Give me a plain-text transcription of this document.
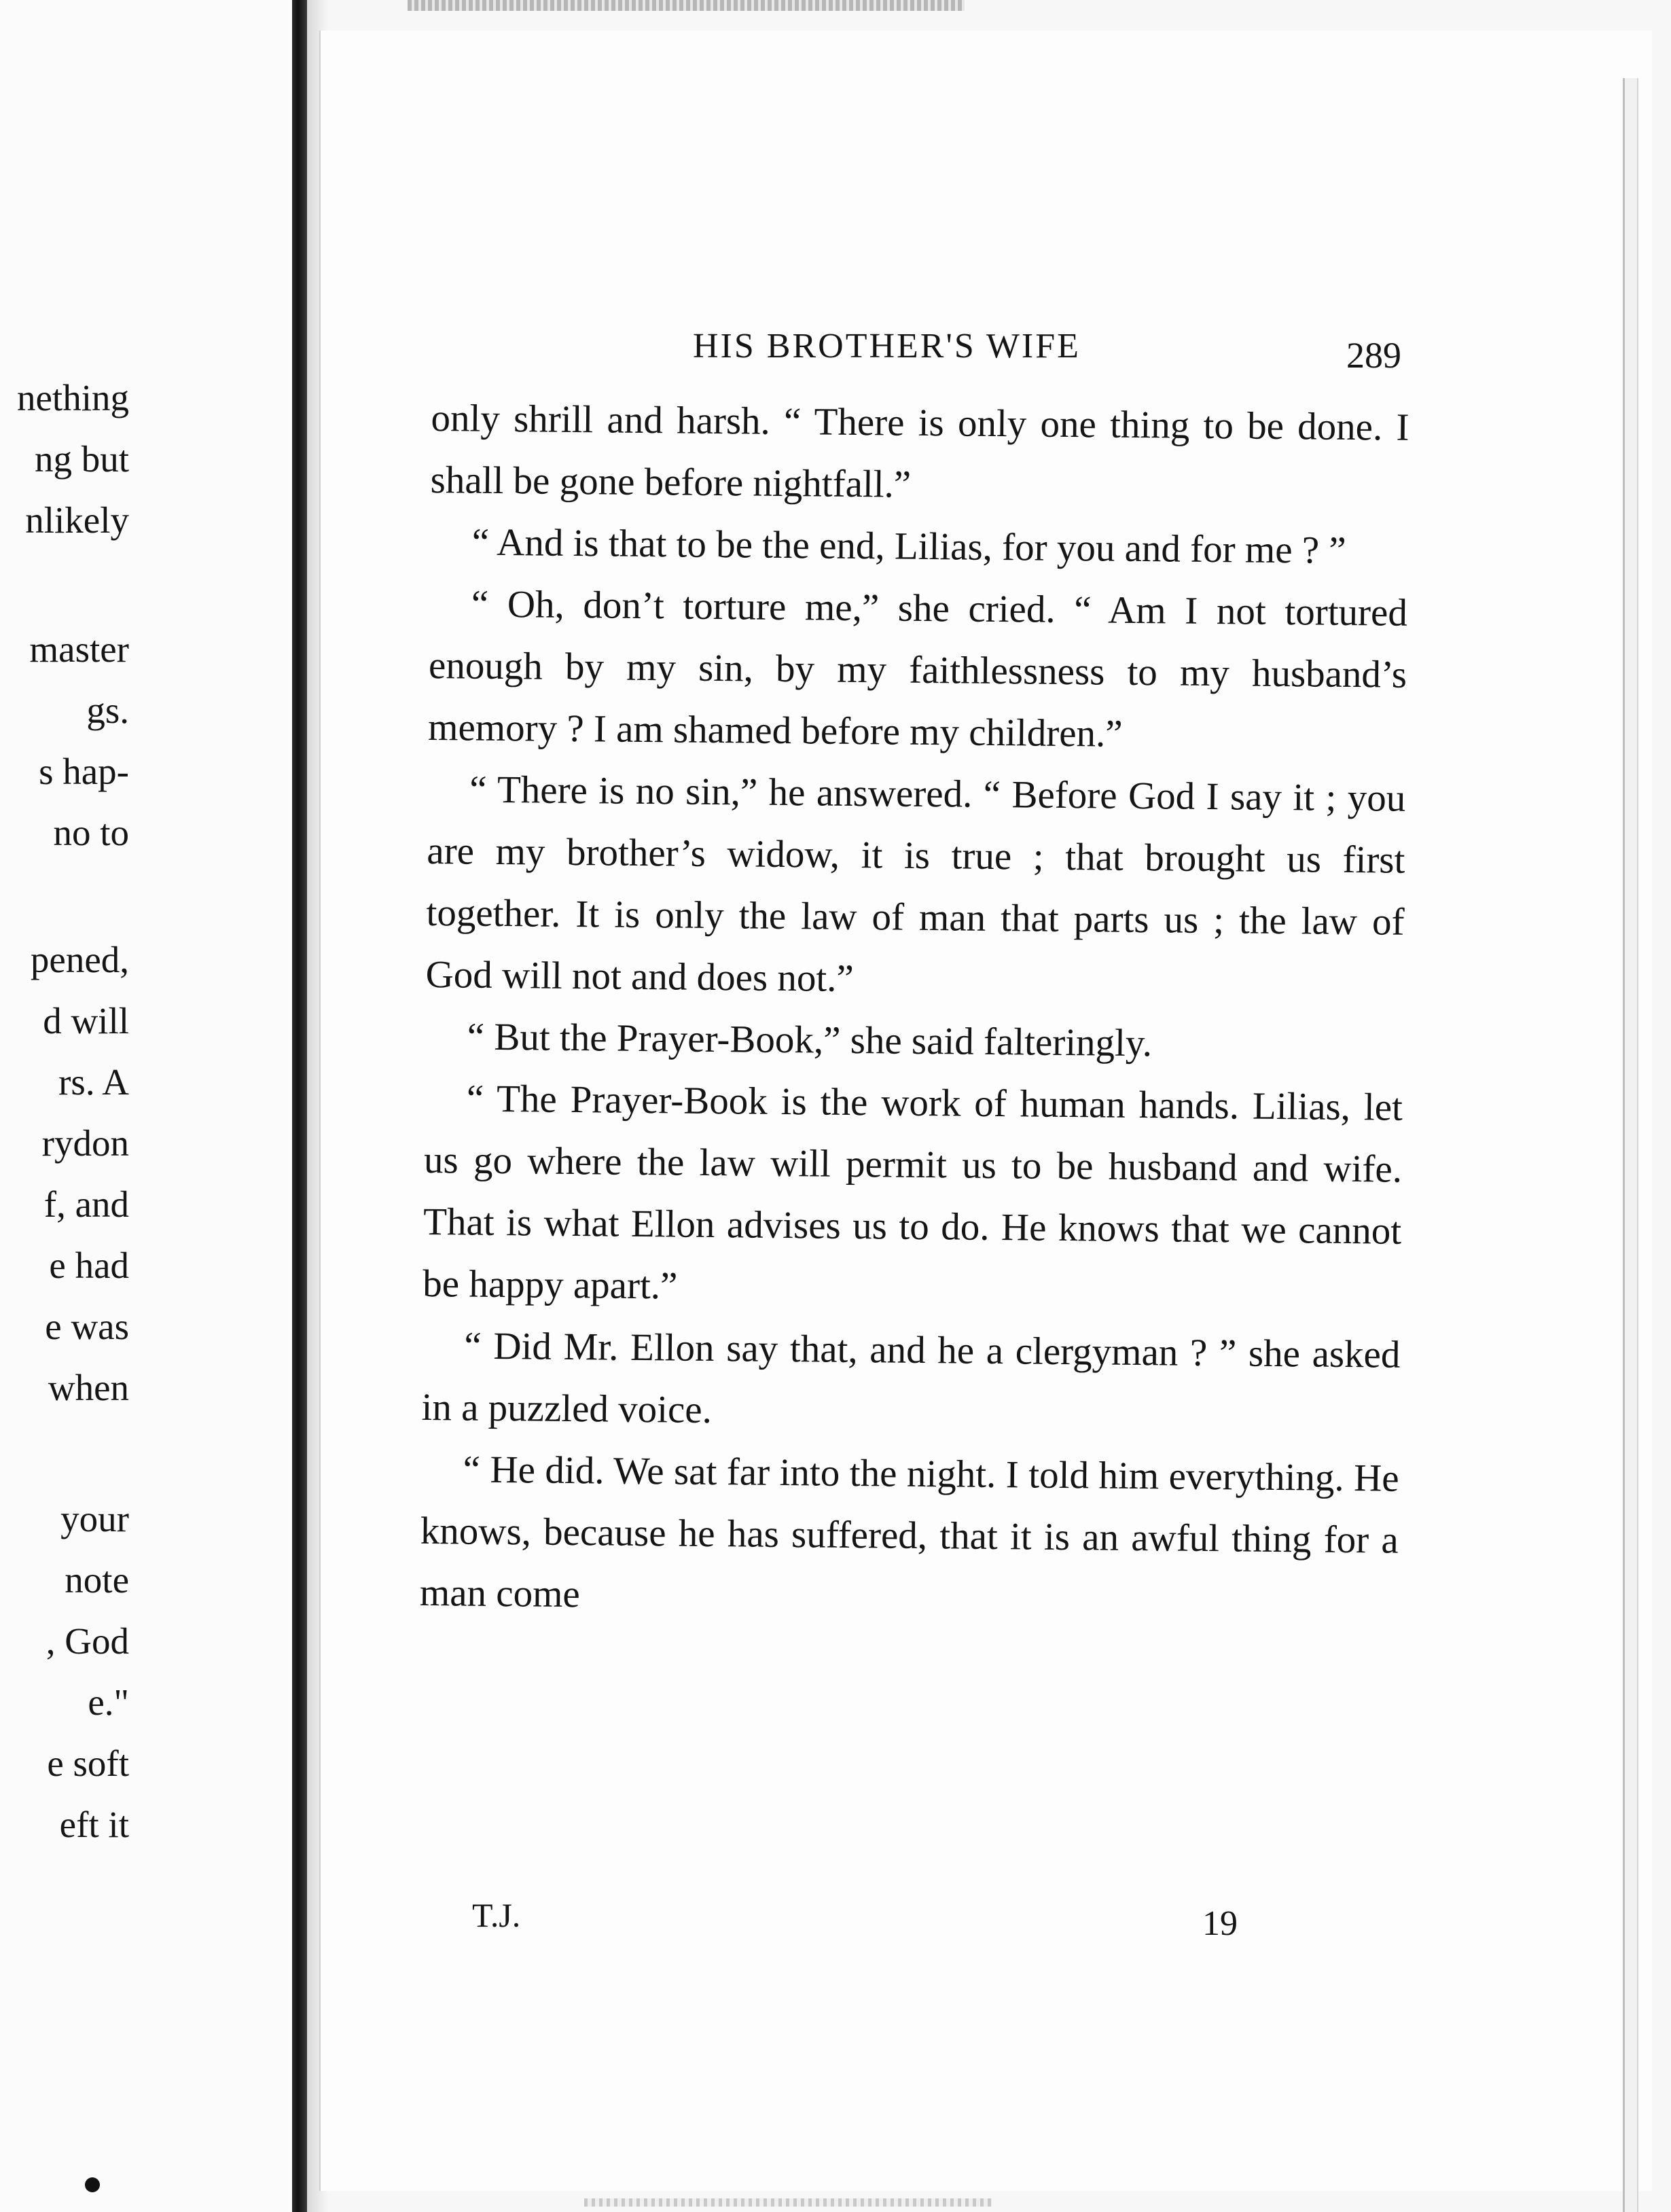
nething
ng but
nlikely
master
gs.
s hap-
no to
pened,
d will
rs. A
rydon
f, and
e had
e was
when
your
note
, God
e."
e soft
eft it
HIS BROTHER'S WIFE	289

only shrill and harsh. “ There is only one thing to be done. I shall be gone before nightfall.”

“ And is that to be the end, Lilias, for you and for me ? ”

“ Oh, don’t torture me,” she cried. “ Am I not tortured enough by my sin, by my faithlessness to my husband’s memory ? I am shamed before my children.”

“ There is no sin,” he answered. “ Before God I say it ; you are my brother’s widow, it is true ; that brought us first together. It is only the law of man that parts us ; the law of God will not and does not.”

“ But the Prayer-Book,” she said falteringly.

“ The Prayer-Book is the work of human hands. Lilias, let us go where the law will permit us to be husband and wife. That is what Ellon advises us to do. He knows that we cannot be happy apart.”

“ Did Mr. Ellon say that, and he a clergyman ? ” she asked in a puzzled voice.

“ He did. We sat far into the night. I told him everything. He knows, because he has suffered, that it is an awful thing for a man come

T.J.	19
